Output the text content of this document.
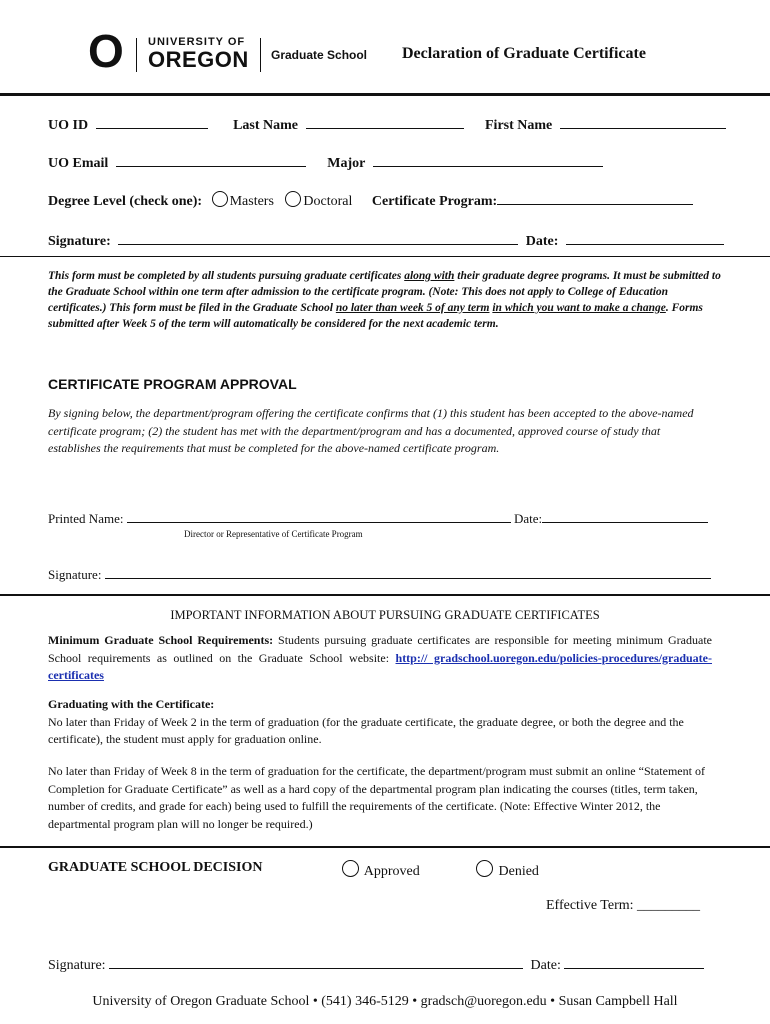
O UNIVERSITY OF
OREGON Graduate School Declaration of Graduate Certificate
UO ID	Last Name	First Name
UO Email	Major
Degree Level (check one): Masters Doctoral Certificate Program:
Signature:	Date:
This form must be completed by all students pursuing graduate certificates along with their graduate degree programs. It must be submitted to the Graduate School within one term after admission to the certificate program. (Note: This does not apply to College of Education certificates.) This form must be filed in the Graduate School no later than week 5 of any term in which you want to make a change. Forms submitted after Week 5 of the term will automatically be considered for the next academic term.
CERTIFICATE PROGRAM APPROVAL
By signing below, the department/program offering the certificate confirms that (1) this student has been accepted to the above-named certificate program; (2) the student has met with the department/program and has a documented, approved course of study that establishes the requirements that must be completed for the above-named certificate program.
Printed Name:	Date:
Director or Representative of Certificate Program
Signature:
IMPORTANT INFORMATION ABOUT PURSUING GRADUATE CERTIFICATES
Minimum Graduate School Requirements: Students pursuing graduate certificates are responsible for meeting minimum Graduate School requirements as outlined on the Graduate School website: http:// gradschool.uoregon.edu/policies-procedures/graduate- certificates
Graduating with the Certificate:
No later than Friday of Week 2 in the term of graduation (for the graduate certificate, the graduate degree, or both the degree and the certificate), the student must apply for graduation online.
No later than Friday of Week 8 in the term of graduation for the certificate, the department/program must submit an online “Statement of Completion for Graduate Certificate” as well as a hard copy of the departmental program plan indicating the courses (titles, term taken, number of credits, and grade for each) being used to fulfill the requirements of the certificate. (Note: Effective Winter 2012, the departmental program plan will no longer be required.)
GRADUATE SCHOOL DECISION	Approved	Denied
Effective Term: _________
Signature:	Date:
University of Oregon Graduate School • (541) 346-5129 • gradsch@uoregon.edu • Susan Campbell Hall
